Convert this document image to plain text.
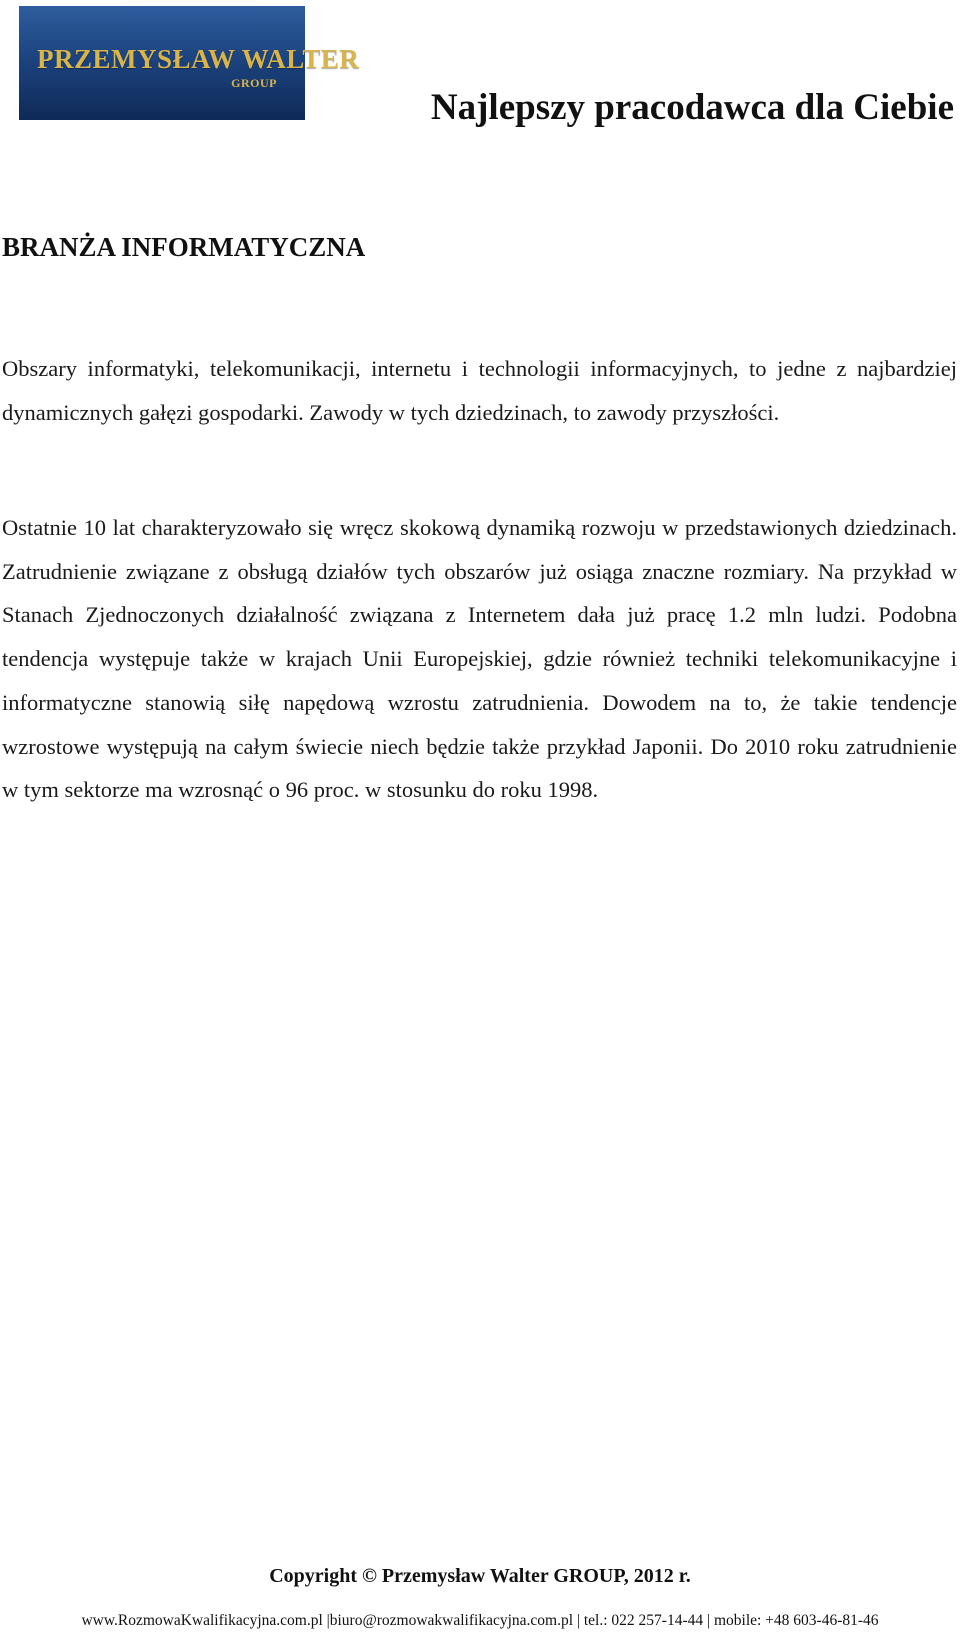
PRZEMYSŁAW WALTER
GROUP
Najlepszy pracodawca dla Ciebie
BRANŻA INFORMATYCZNA

Obszary informatyki, telekomunikacji, internetu i technologii informacyjnych, to jedne z najbardziej dynamicznych gałęzi gospodarki. Zawody w tych dziedzinach, to zawody przyszłości.

Ostatnie 10 lat charakteryzowało się wręcz skokową dynamiką rozwoju w przedstawionych dziedzinach. Zatrudnienie związane z obsługą działów tych obszarów już osiąga znaczne rozmiary. Na przykład w Stanach Zjednoczonych działalność związana z Internetem dała już pracę 1.2 mln ludzi. Podobna tendencja występuje także w krajach Unii Europejskiej, gdzie również techniki telekomunikacyjne i informatyczne stanowią siłę napędową wzrostu zatrudnienia. Dowodem na to, że takie tendencje wzrostowe występują na całym świecie niech będzie także przykład Japonii. Do 2010 roku zatrudnienie w tym sektorze ma wzrosnąć o 96 proc. w stosunku do roku 1998.

Copyright © Przemysław Walter GROUP, 2012 r.
www.RozmowaKwalifikacyjna.com.pl |biuro@rozmowakwalifikacyjna.com.pl | tel.: 022 257-14-44 | mobile: +48 603-46-81-46
